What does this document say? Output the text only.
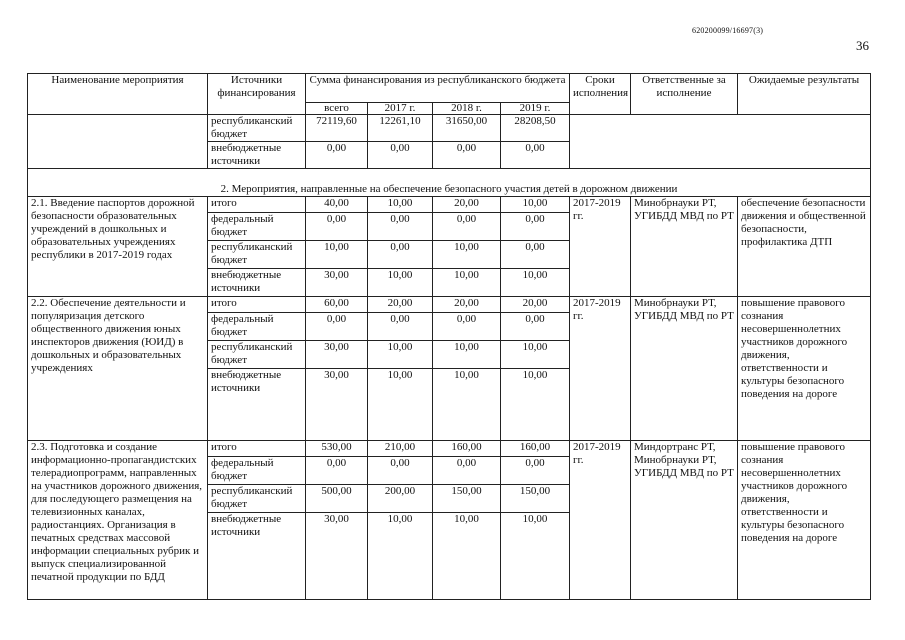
620200099/16697(3)
36
Наименование мероприятия	Источники финансирования	Сумма финансирования из республиканского бюджета				Сроки исполнения	Ответственные за исполнение	Ожидаемые результаты
		всего	2017 г.	2018 г.	2019 г.			
	республиканский бюджет	72119,60	12261,10	31650,00	28208,50			
	внебюджетные источники	0,00	0,00	0,00	0,00			
2. Мероприятия, направленные на обеспечение безопасного участия детей в дорожном движении								
2.1. Введение паспортов дорожной безопасности образовательных учреждений в дошкольных и образовательных учреждениях республики в 2017-2019 годах	итого	40,00	10,00	20,00	10,00	2017-2019 гг.	Минобрнауки РТ, УГИБДД МВД по РТ	обеспечение безопасности движения и общественной безопасности, профилактика ДТП
	федеральный бюджет	0,00	0,00	0,00	0,00			
	республиканский бюджет	10,00	0,00	10,00	0,00			
	внебюджетные источники	30,00	10,00	10,00	10,00			
2.2. Обеспечение деятельности и популяризация детского общественного движения юных инспекторов движения (ЮИД) в дошкольных и образовательных учреждениях	итого	60,00	20,00	20,00	20,00	2017-2019 гг.	Минобрнауки РТ, УГИБДД МВД по РТ	повышение правового сознания несовершеннолетних участников дорожного движения, ответственности и культуры безопасного поведения на дороге
	федеральный бюджет	0,00	0,00	0,00	0,00			
	республиканский бюджет	30,00	10,00	10,00	10,00			
	внебюджетные источники	30,00	10,00	10,00	10,00			
2.3. Подготовка и создание информационно-пропагандистских телерадиопрограмм, направленных на участников дорожного движения, для последующего размещения на телевизионных каналах, радиостанциях. Организация в печатных средствах массовой информации специальных рубрик и выпуск специализированной печатной продукции по БДД	итого	530,00	210,00	160,00	160,00	2017-2019 гг.	Миндортранс РТ, Минобрнауки РТ, УГИБДД МВД по РТ	повышение правового сознания несовершеннолетних участников дорожного движения, ответственности и культуры безопасного поведения на дороге
	федеральный бюджет	0,00	0,00	0,00	0,00			
	республиканский бюджет	500,00	200,00	150,00	150,00			
	внебюджетные источники	30,00	10,00	10,00	10,00			
